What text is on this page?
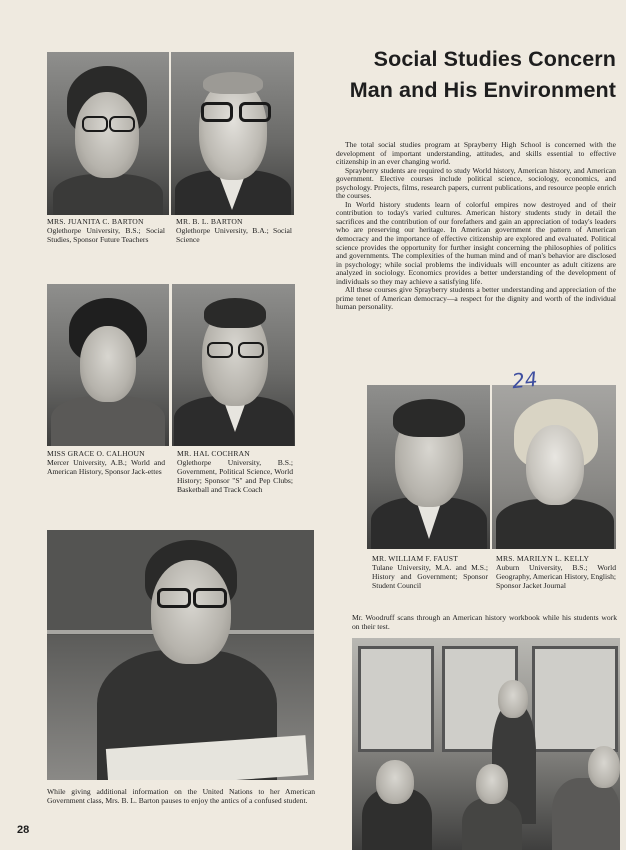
Social Studies Concern
Man and His Environment
MRS. JUANITA C. BARTON
Oglethorpe University, B.S.; Social Studies, Sponsor Future Teachers
MR. B. L. BARTON
Oglethorpe University, B.A.; Social Science

The total social studies program at Sprayberry High School is concerned with the development of important understanding, attitudes, and skills essential to effective citizenship in an ever changing world.

Sprayberry students are required to study World history, American history, and American government. Elective courses include political science, sociology, economics, and psychology. Projects, films, research papers, current publications, and resource people enrich the courses.

In World history students learn of colorful empires now destroyed and of their contribution to today's varied cultures. American history students study in detail the sacrifices and the contribution of our forefathers and gain an appreciation of today's leaders who are preserving our heritage. In American government the pattern of American democracy and the importance of effective citizenship are explored and evaluated. Political science provides the opportunity for further insight concerning the philosophies of politics and governments. The complexities of the human mind and of man's behavior are disclosed in psychology; while social problems the individuals will encounter as adult citizens are analyzed in sociology. Economics provides a better understanding of the development of individuals so they may achieve a satisfying life.

All these courses give Sprayberry students a better understanding and appreciation of the prime tenet of American democracy—a respect for the dignity and worth of the individual human personality.

MISS GRACE O. CALHOUN
Mercer University, A.B.; World and American History, Sponsor Jack-ettes
MR. HAL COCHRAN
Oglethorpe University, B.S.; Government, Political Science, World History; Sponsor "S" and Pep Clubs; Basketball and Track Coach
MR. WILLIAM F. FAUST
Tulane University, M.A. and M.S.; History and Government; Sponsor Student Council
MRS. MARILYN L. KELLY
Auburn University, B.S.; World Geography, American History, English; Sponsor Jacket Journal
24
Mr. Woodruff scans through an American history workbook while his students work on their test.
While giving additional information on the United Nations to her American Government class, Mrs. B. L. Barton pauses to enjoy the antics of a confused student.
28
